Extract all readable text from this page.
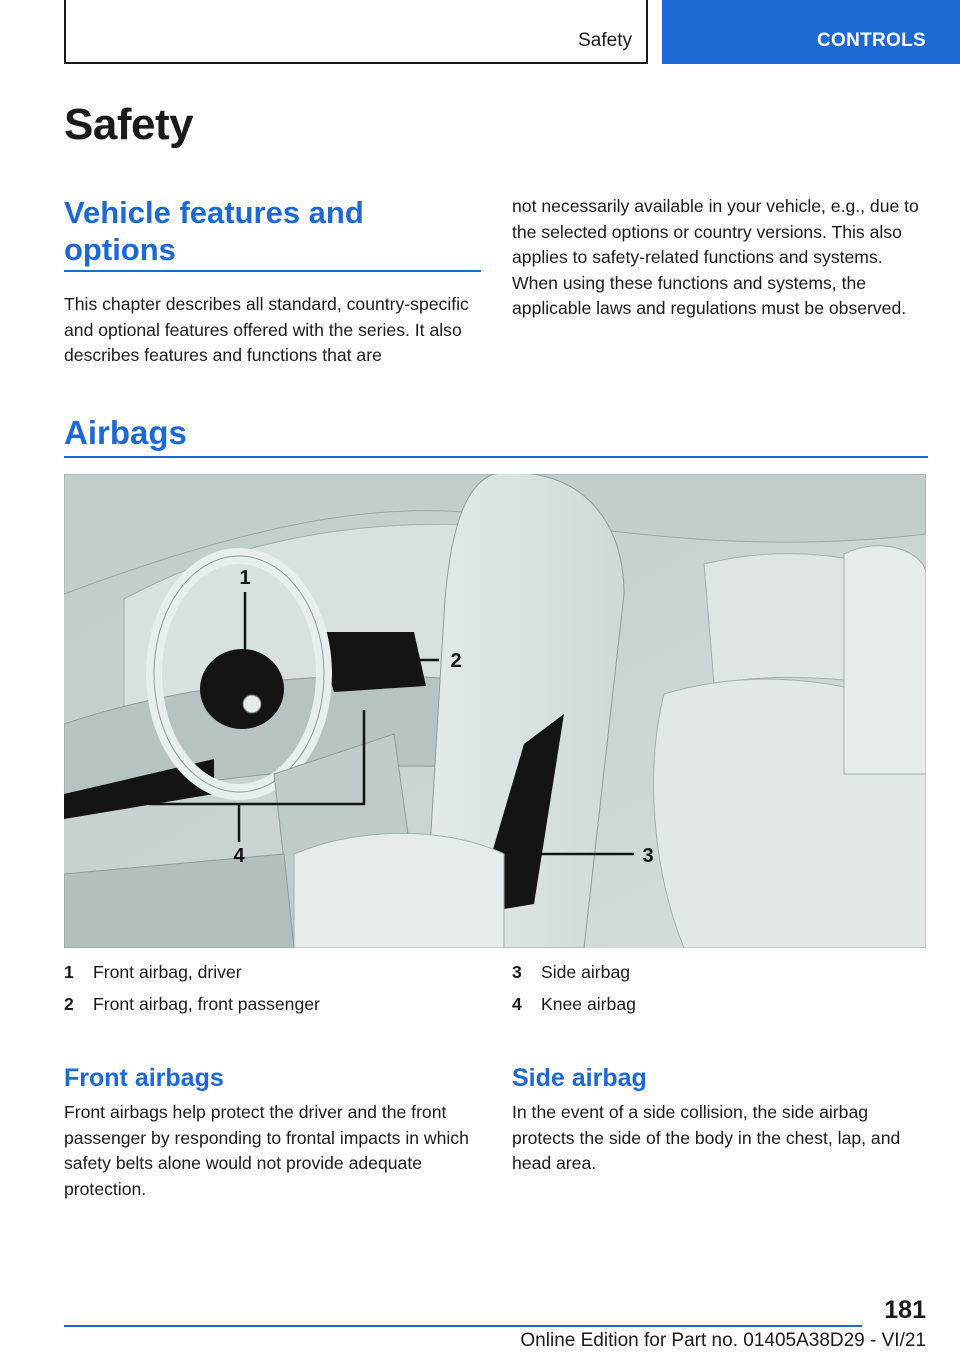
Safety	CONTROLS
Safety
Vehicle features and options
This chapter describes all standard, country-specific and optional features offered with the series. It also describes features and functions that are
not necessarily available in your vehicle, e.g., due to the selected options or country versions. This also applies to safety-related functions and systems. When using these functions and systems, the applicable laws and regulations must be observed.
Airbags
1
2
3
4
1 Front airbag, driver
2 Front airbag, front passenger
3 Side airbag
4 Knee airbag
Front airbags
Front airbags help protect the driver and the front passenger by responding to frontal impacts in which safety belts alone would not provide adequate protection.
Side airbag
In the event of a side collision, the side airbag protects the side of the body in the chest, lap, and head area.
181
Online Edition for Part no. 01405A38D29 - VI/21
